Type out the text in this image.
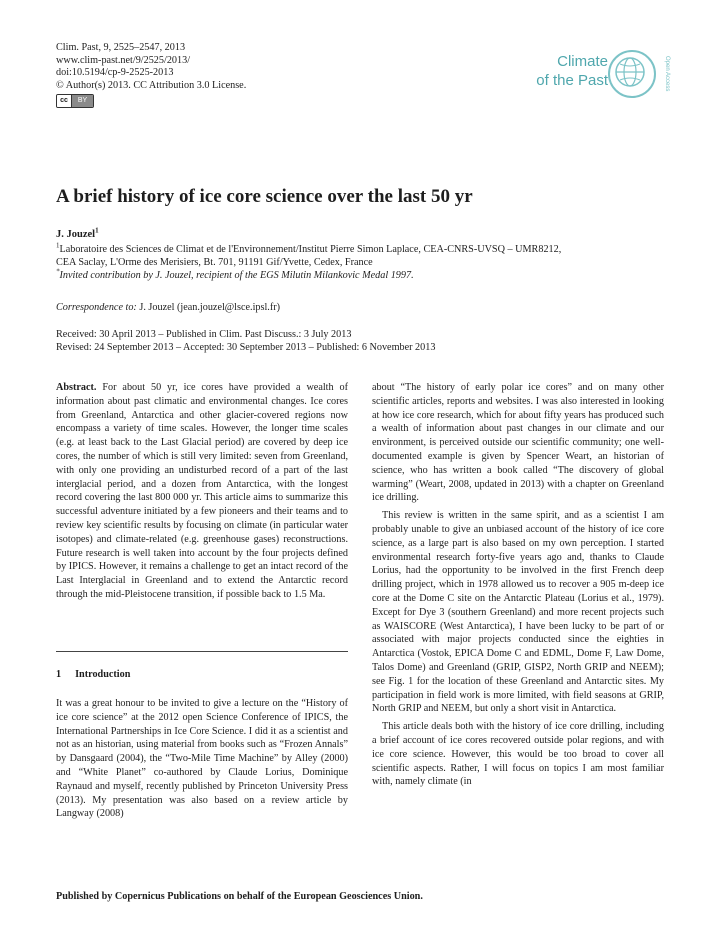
Clim. Past, 9, 2525–2547, 2013
www.clim-past.net/9/2525/2013/
doi:10.5194/cp-9-2525-2013
© Author(s) 2013. CC Attribution 3.0 License.
cc	BY
Climate
of the Past	Open Access
A brief history of ice core science over the last 50 yr
J. Jouzel$^1$
$^1$Laboratoire des Sciences de Climat et de l'Environnement/Institut Pierre Simon Laplace, CEA-CNRS-UVSQ – UMR8212,
CEA Saclay, L'Orme des Merisiers, Bt. 701, 91191 Gif/Yvette, Cedex, France
*Invited contribution by J. Jouzel, recipient of the EGS Milutin Milankovic Medal 1997.
Correspondence to: J. Jouzel (jean.jouzel@lsce.ipsl.fr)
Received: 30 April 2013 – Published in Clim. Past Discuss.: 3 July 2013
Revised: 24 September 2013 – Accepted: 30 September 2013 – Published: 6 November 2013

Abstract. For about 50 yr, ice cores have provided a wealth of information about past climatic and environmental changes. Ice cores from Greenland, Antarctica and other glacier-covered regions now encompass a variety of time scales. However, the longer time scales (e.g. at least back to the Last Glacial period) are covered by deep ice cores, the number of which is still very limited: seven from Greenland, with only one providing an undisturbed record of a part of the last interglacial period, and a dozen from Antarctica, with the longest record covering the last 800 000 yr. This article aims to summarize this successful adventure initiated by a few pioneers and their teams and to review key scientific results by focusing on climate (in particular water isotopes) and climate-related (e.g. greenhouse gases) reconstructions. Future research is well taken into account by the four projects defined by IPICS. However, it remains a challenge to get an intact record of the Last Interglacial in Greenland and to extend the Antarctic record through the mid-Pleistocene transition, if possible back to 1.5 Ma.

1 Introduction

It was a great honour to be invited to give a lecture on the “History of ice core science” at the 2012 open Science Conference of IPICS, the International Partnerships in Ice Core Science. I did it as a scientist and not as an historian, using material from books such as “Frozen Annals” by Dansgaard (2004), the “Two-Mile Time Machine” by Alley (2000) and “White Planet” co-authored by Claude Lorius, Dominique Raynaud and myself, recently published by Princeton University Press (2013). My presentation was also based on a review article by Langway (2008)

about “The history of early polar ice cores” and on many other scientific articles, reports and websites. I was also interested in looking at how ice core research, which for about fifty years has produced such a wealth of information about past changes in our climate and our environment, is perceived outside our scientific community; one well-documented example is given by Spencer Weart, an historian of science, who has written a book called “The discovery of global warming” (Weart, 2008, updated in 2013) with a chapter on Greenland ice drilling.

This review is written in the same spirit, and as a scientist I am probably unable to give an unbiased account of the history of ice core science, as a large part is also based on my own perception. I started environmental research forty-five years ago and, thanks to Claude Lorius, had the opportunity to be involved in the first French deep drilling project, which in 1978 allowed us to recover a 905 m-deep ice core at the Dome C site on the Antarctic Plateau (Lorius et al., 1979). Except for Dye 3 (southern Greenland) and more recent projects such as WAISCORE (West Antarctica), I have been lucky to be part of or associated with major projects conducted since the eighties in Antarctica (Vostok, EPICA Dome C and EDML, Dome F, Law Dome, Talos Dome) and Greenland (GRIP, GISP2, North GRIP and NEEM); see Fig. 1 for the location of these Greenland and Antarctic sites. My participation in field work is more limited, with field seasons at GRIP, North GRIP and NEEM, but only a short visit in Antarctica.

This article deals both with the history of ice core drilling, including a brief account of ice cores recovered outside polar regions, and with ice core science. However, this would be too broad to cover all scientific aspects. Rather, I will focus on topics I am most familiar with, namely climate (in

Published by Copernicus Publications on behalf of the European Geosciences Union.
